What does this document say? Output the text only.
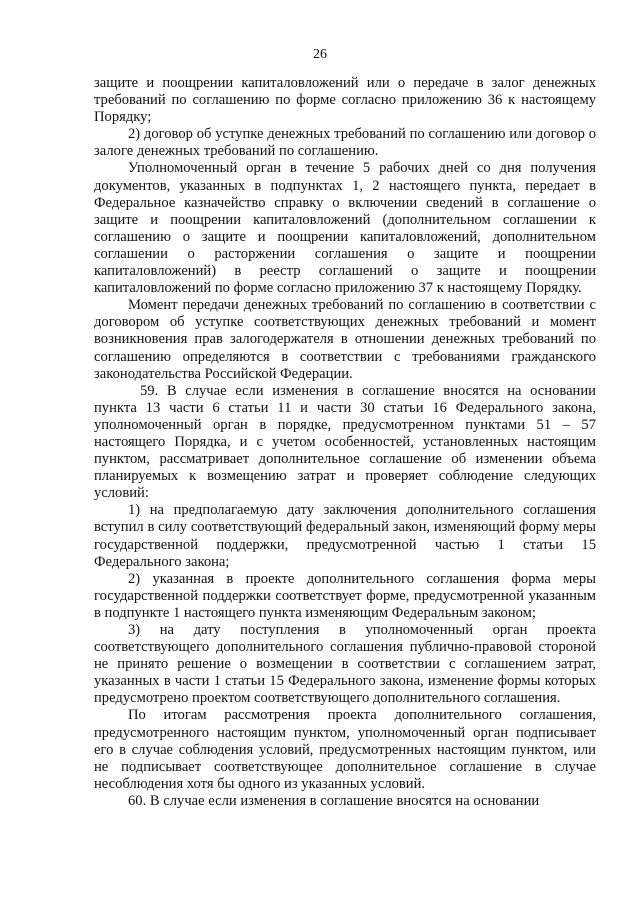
26

защите и поощрении капиталовложений или о передаче в залог денежных требований по соглашению по форме согласно приложению 36 к настоящему Порядку;

2) договор об уступке денежных требований по соглашению или договор о залоге денежных требований по соглашению.

Уполномоченный орган в течение 5 рабочих дней со дня получения документов, указанных в подпунктах 1, 2 настоящего пункта, передает в Федеральное казначейство справку о включении сведений в соглашение о защите и поощрении капиталовложений (дополнительном соглашении к соглашению о защите и поощрении капиталовложений, дополнительном соглашении о расторжении соглашения о защите и поощрении капиталовложений) в реестр соглашений о защите и поощрении капиталовложений по форме согласно приложению 37 к настоящему Порядку.

Момент передачи денежных требований по соглашению в соответствии с договором об уступке соответствующих денежных требований и момент возникновения прав залогодержателя в отношении денежных требований по соглашению определяются в соответствии с требованиями гражданского законодательства Российской Федерации.

59. В случае если изменения в соглашение вносятся на основании пункта 13 части 6 статьи 11 и части 30 статьи 16 Федерального закона, уполномоченный орган в порядке, предусмотренном пунктами 51 – 57 настоящего Порядка, и с учетом особенностей, установленных настоящим пунктом, рассматривает дополнительное соглашение об изменении объема планируемых к возмещению затрат и проверяет соблюдение следующих условий:

1) на предполагаемую дату заключения дополнительного соглашения вступил в силу соответствующий федеральный закон, изменяющий форму меры государственной поддержки, предусмотренной частью 1 статьи 15 Федерального закона;

2) указанная в проекте дополнительного соглашения форма меры государственной поддержки соответствует форме, предусмотренной указанным в подпункте 1 настоящего пункта изменяющим Федеральным законом;

3) на дату поступления в уполномоченный орган проекта соответствующего дополнительного соглашения публично-правовой стороной не принято решение о возмещении в соответствии с соглашением затрат, указанных в части 1 статьи 15 Федерального закона, изменение формы которых предусмотрено проектом соответствующего дополнительного соглашения.

По итогам рассмотрения проекта дополнительного соглашения, предусмотренного настоящим пунктом, уполномоченный орган подписывает его в случае соблюдения условий, предусмотренных настоящим пунктом, или не подписывает соответствующее дополнительное соглашение в случае несоблюдения хотя бы одного из указанных условий.

60. В случае если изменения в соглашение вносятся на основании
